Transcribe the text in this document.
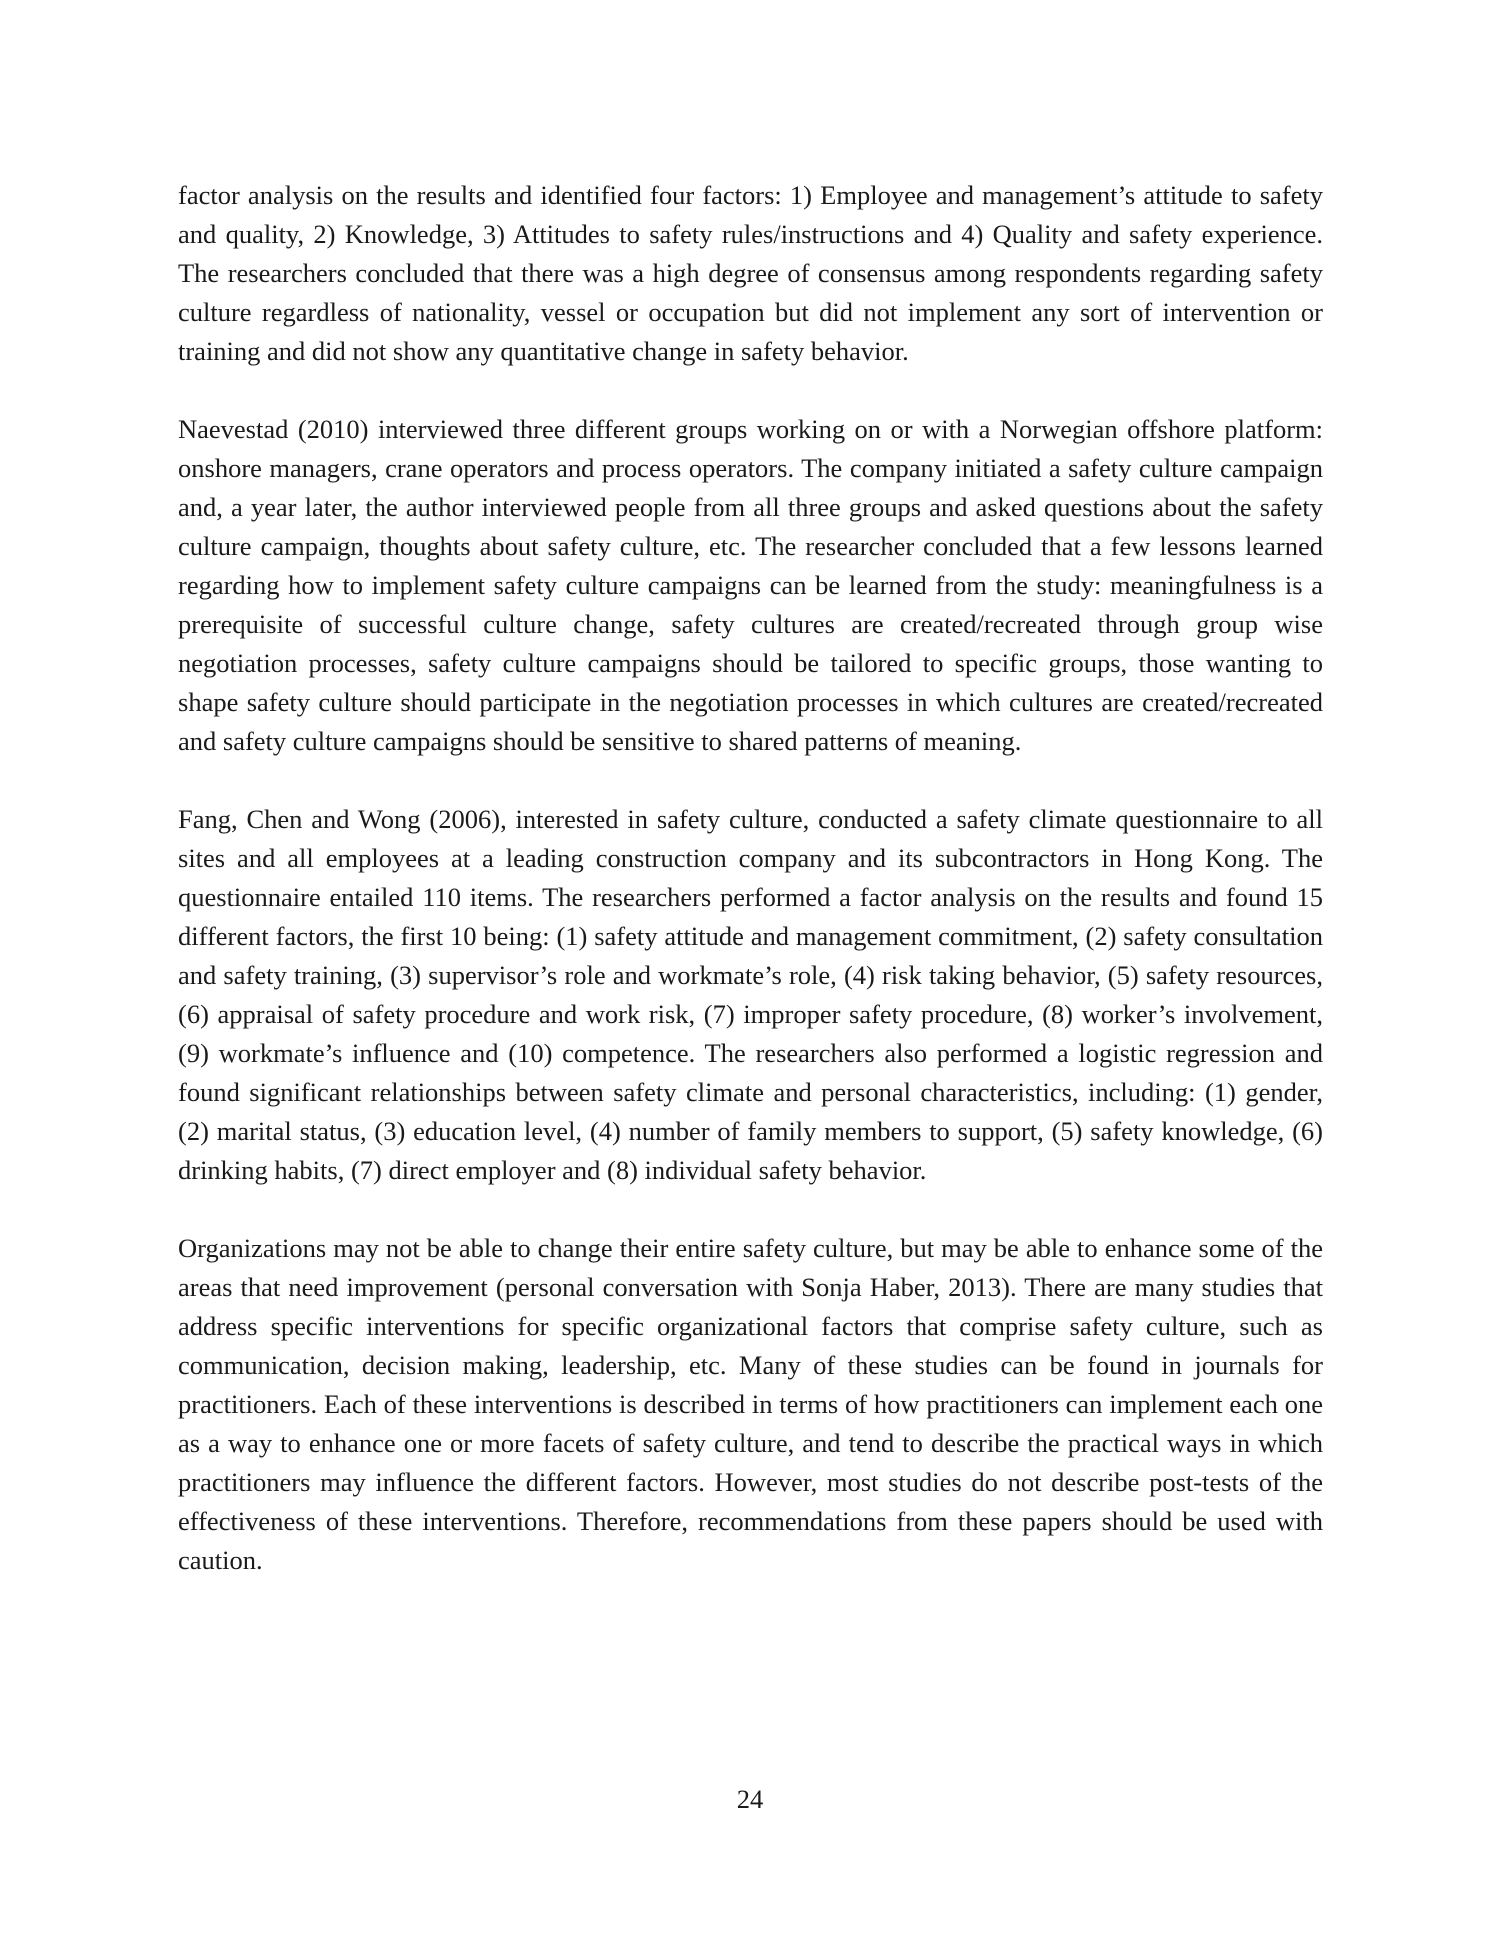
factor analysis on the results and identified four factors: 1) Employee and management’s attitude to safety and quality, 2) Knowledge, 3) Attitudes to safety rules/instructions and 4) Quality and safety experience. The researchers concluded that there was a high degree of consensus among respondents regarding safety culture regardless of nationality, vessel or occupation but did not implement any sort of intervention or training and did not show any quantitative change in safety behavior.

Naevestad (2010) interviewed three different groups working on or with a Norwegian offshore platform: onshore managers, crane operators and process operators. The company initiated a safety culture campaign and, a year later, the author interviewed people from all three groups and asked questions about the safety culture campaign, thoughts about safety culture, etc. The researcher concluded that a few lessons learned regarding how to implement safety culture campaigns can be learned from the study: meaningfulness is a prerequisite of successful culture change, safety cultures are created/recreated through group wise negotiation processes, safety culture campaigns should be tailored to specific groups, those wanting to shape safety culture should participate in the negotiation processes in which cultures are created/recreated and safety culture campaigns should be sensitive to shared patterns of meaning.

Fang, Chen and Wong (2006), interested in safety culture, conducted a safety climate questionnaire to all sites and all employees at a leading construction company and its subcontractors in Hong Kong. The questionnaire entailed 110 items. The researchers performed a factor analysis on the results and found 15 different factors, the first 10 being: (1) safety attitude and management commitment, (2) safety consultation and safety training, (3) supervisor’s role and workmate’s role, (4) risk taking behavior, (5) safety resources, (6) appraisal of safety procedure and work risk, (7) improper safety procedure, (8) worker’s involvement, (9) workmate’s influence and (10) competence. The researchers also performed a logistic regression and found significant relationships between safety climate and personal characteristics, including: (1) gender, (2) marital status, (3) education level, (4) number of family members to support, (5) safety knowledge, (6) drinking habits, (7) direct employer and (8) individual safety behavior.

Organizations may not be able to change their entire safety culture, but may be able to enhance some of the areas that need improvement (personal conversation with Sonja Haber, 2013). There are many studies that address specific interventions for specific organizational factors that comprise safety culture, such as communication, decision making, leadership, etc. Many of these studies can be found in journals for practitioners. Each of these interventions is described in terms of how practitioners can implement each one as a way to enhance one or more facets of safety culture, and tend to describe the practical ways in which practitioners may influence the different factors. However, most studies do not describe post-tests of the effectiveness of these interventions. Therefore, recommendations from these papers should be used with caution.

24
